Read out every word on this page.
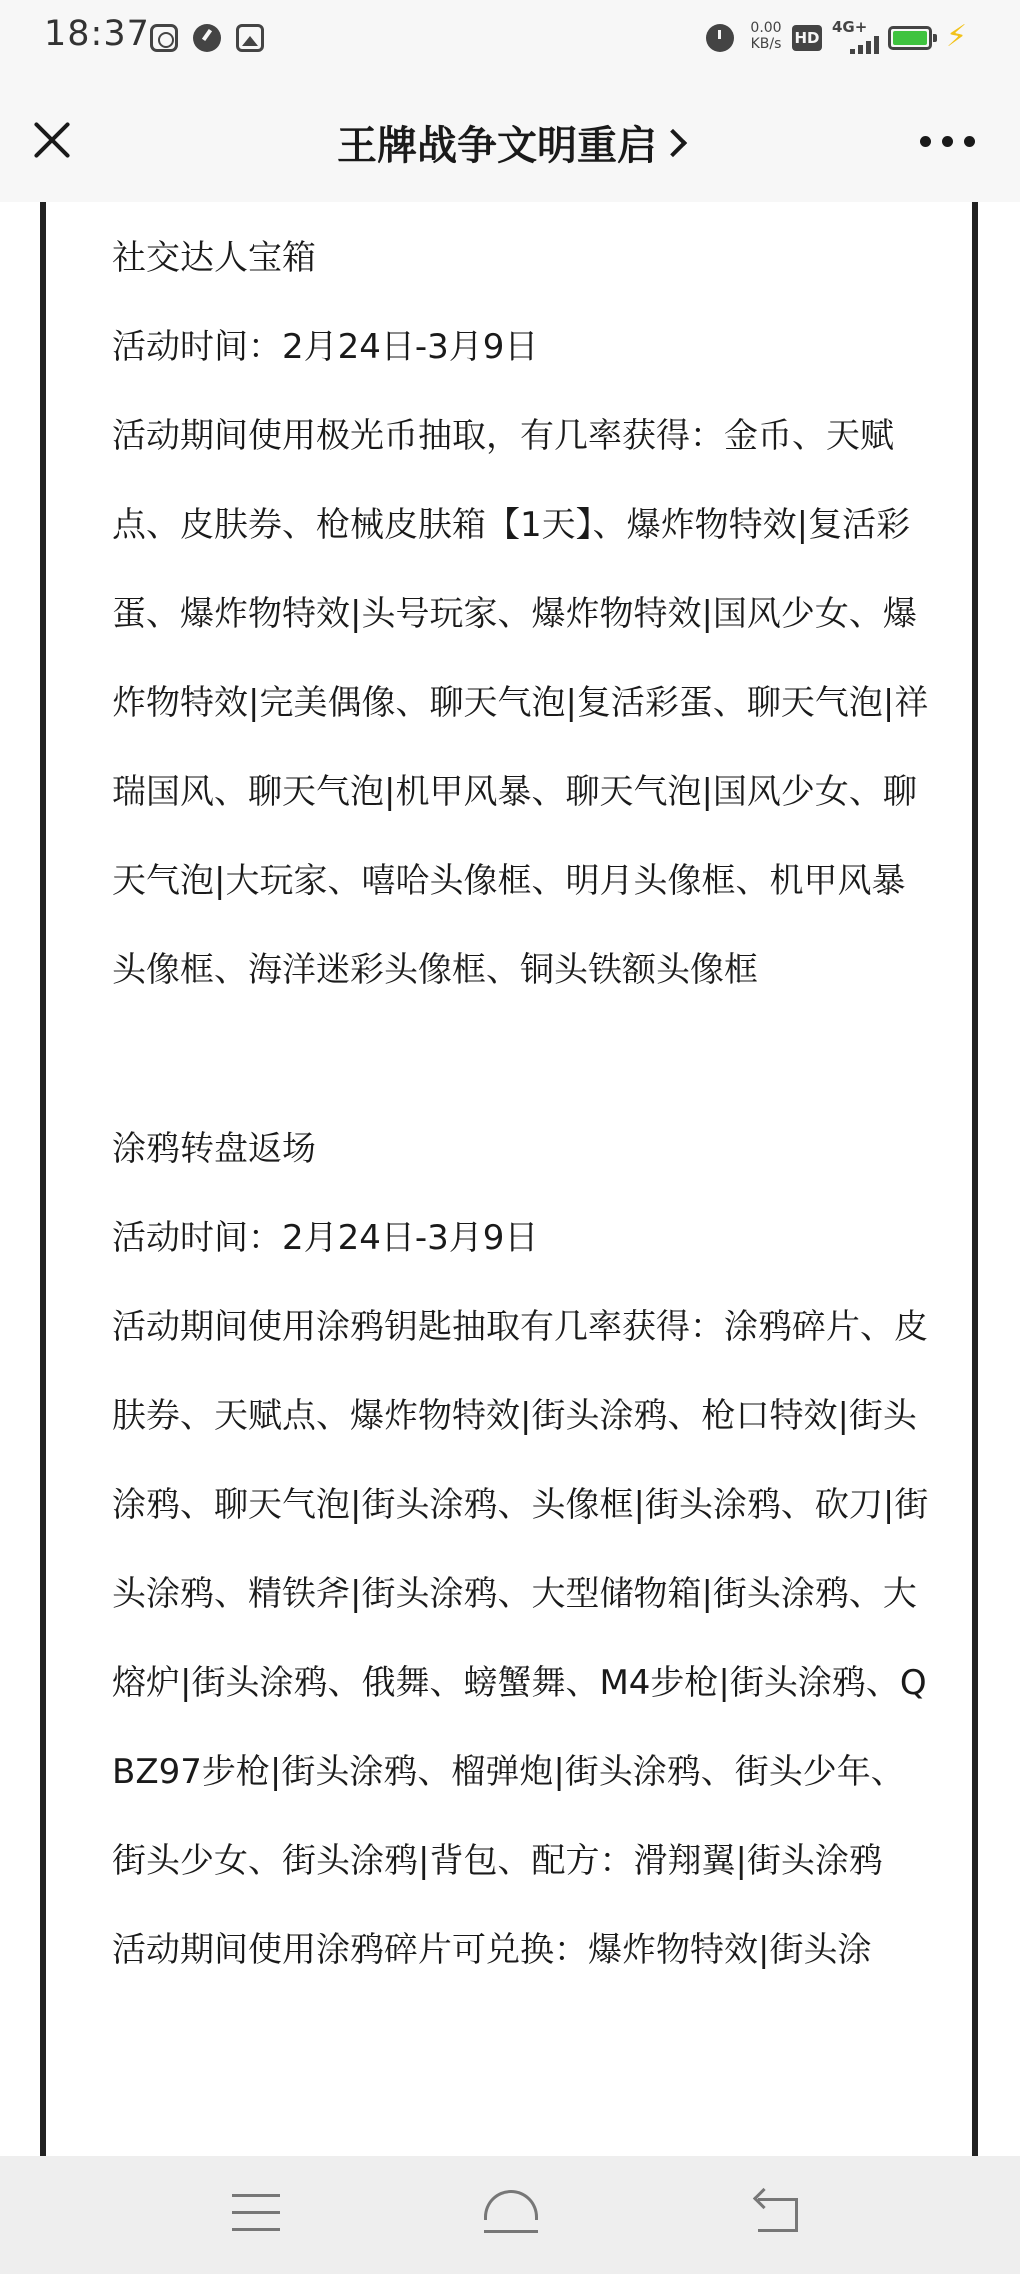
18:37	0.00
KB/s HD
4G+	⚡
王牌战争文明重启

社交达人宝箱

活动时间：2月24日-3月9日

活动期间使用极光币抽取，有几率获得：金币、天赋点、皮肤券、枪械皮肤箱【1天】、爆炸物特效|复活彩蛋、爆炸物特效|头号玩家、爆炸物特效|国风少女、爆炸物特效|完美偶像、聊天气泡|复活彩蛋、聊天气泡|祥瑞国风、聊天气泡|机甲风暴、聊天气泡|国风少女、聊天气泡|大玩家、嘻哈头像框、明月头像框、机甲风暴头像框、海洋迷彩头像框、铜头铁额头像框

涂鸦转盘返场

活动时间：2月24日-3月9日

活动期间使用涂鸦钥匙抽取有几率获得：涂鸦碎片、皮肤券、天赋点、爆炸物特效|街头涂鸦、枪口特效|街头涂鸦、聊天气泡|街头涂鸦、头像框|街头涂鸦、砍刀|街头涂鸦、精铁斧|街头涂鸦、大型储物箱|街头涂鸦、大熔炉|街头涂鸦、俄舞、螃蟹舞、M4步枪|街头涂鸦、QBZ97步枪|街头涂鸦、榴弹炮|街头涂鸦、街头少年、街头少女、街头涂鸦|背包、配方：滑翔翼|街头涂鸦

活动期间使用涂鸦碎片可兑换：爆炸物特效|街头涂
